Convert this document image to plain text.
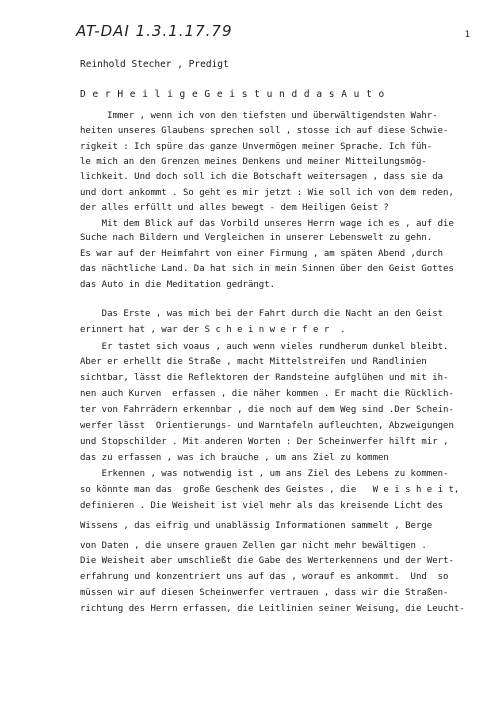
AT-DAI 1.3.1.17.79	1
Reinhold Stecher , Predigt
D e r H e i l i g e G e i s t u n d d a s A u t o
Immer , wenn ich von den tiefsten und überwältigendsten Wahr-
heiten unseres Glaubens sprechen soll , stosse ich auf diese Schwie-
rigkeit : Ich spüre das ganze Unvermögen meiner Sprache. Ich füh-
le mich an den Grenzen meines Denkens und meiner Mitteilungsmög-
lichkeit. Und doch soll ich die Botschaft weitersagen , dass sie da
und dort ankommt . So geht es mir jetzt : Wie soll ich von dem reden,
der alles erfüllt und alles bewegt - dem Heiligen Geist ?
Mit dem Blick auf das Vorbild unseres Herrn wage ich es , auf die
Suche nach Bildern und Vergleichen in unserer Lebenswelt zu gehn.
Es war auf der Heimfahrt von einer Firmung , am späten Abend ,durch
das nächtliche Land. Da hat sich in mein Sinnen über den Geist Gottes
das Auto in die Meditation gedrängt.
Das Erste , was mich bei der Fahrt durch die Nacht an den Geist
erinnert hat , war der S c h e i n w e r f e r  .
Er tastet sich voaus , auch wenn vieles rundherum dunkel bleibt.
Aber er erhellt die Straße , macht Mittelstreifen und Randlinien
sichtbar, lässt die Reflektoren der Randsteine aufglühen und mit ih-
nen auch Kurven  erfassen , die näher kommen . Er macht die Rücklich-
ter von Fahrrädern erkennbar , die noch auf dem Weg sind .Der Schein-
werfer lässt  Orientierungs- und Warntafeln aufleuchten, Abzweigungen
und Stopschilder . Mit anderen Worten : Der Scheinwerfer hilft mir ,
das zu erfassen , was ich brauche , um ans Ziel zu kommen
Erkennen , was notwendig ist , um ans Ziel des Lebens zu kommen-
so könnte man das  große Geschenk des Geistes , die   W e i s h e i t,
definieren . Die Weisheit ist viel mehr als das kreisende Licht des
Wissens , das eifrig und unablässig Informationen sammelt , Berge
von Daten , die unsere grauen Zellen gar nicht mehr bewältigen .
Die Weisheit aber umschließt die Gabe des Werterkennens und der Wert-
erfahrung und konzentriert uns auf das , worauf es ankommt.  Und  so
müssen wir auf diesen Scheinwerfer vertrauen , dass wir die Straßen-
richtung des Herrn erfassen, die Leitlinien seiner Weisung, die Leucht-
